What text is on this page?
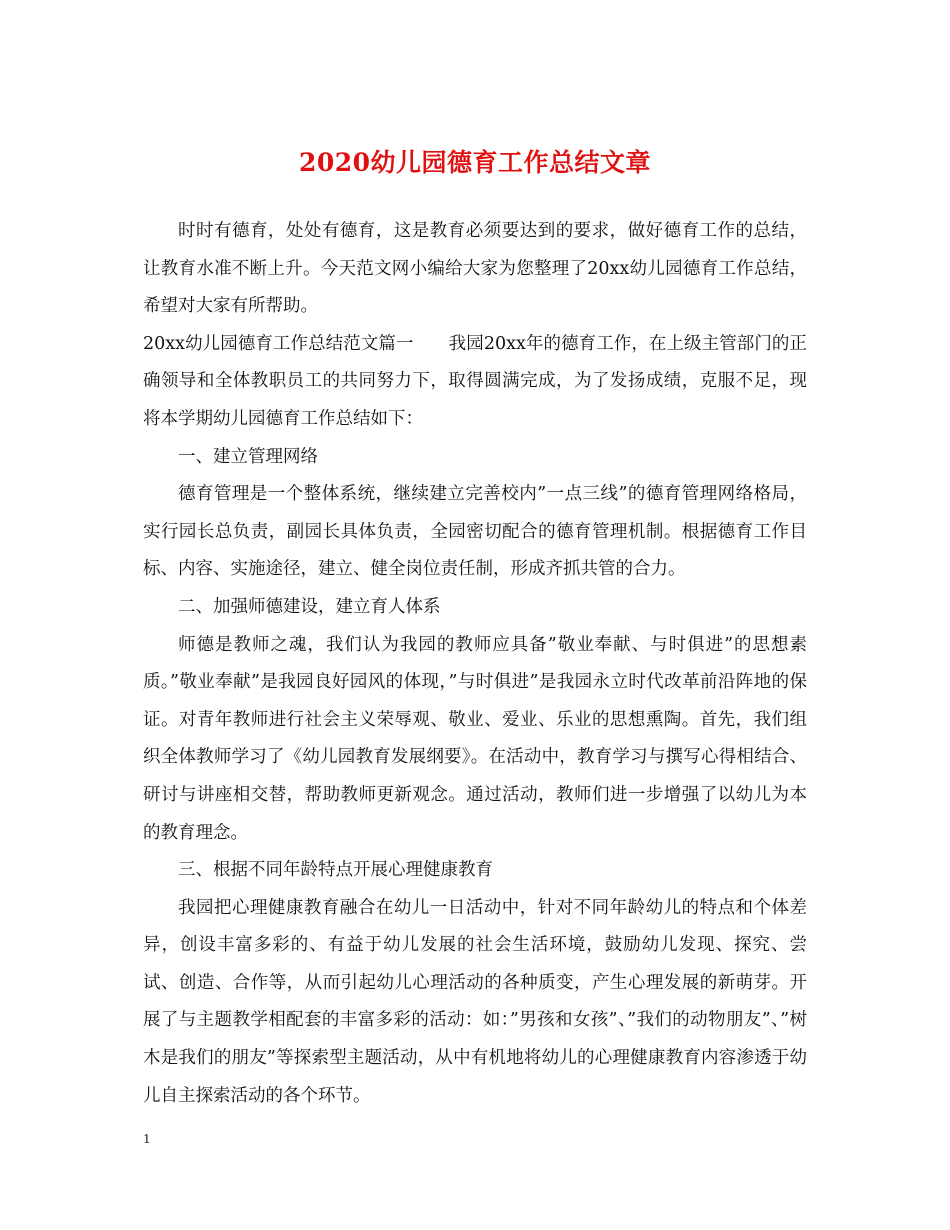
2020幼儿园德育工作总结文章

时时有德育，处处有德育，这是教育必须要达到的要求，做好德育工作的总结，让教育水准不断上升。今天范文网小编给大家为您整理了20xx幼儿园德育工作总结，希望对大家有所帮助。

20xx幼儿园德育工作总结范文篇一　　我园20xx年的德育工作，在上级主管部门的正确领导和全体教职员工的共同努力下，取得圆满完成，为了发扬成绩，克服不足，现将本学期幼儿园德育工作总结如下：

一、建立管理网络

德育管理是一个整体系统，继续建立完善校内”一点三线”的德育管理网络格局，实行园长总负责，副园长具体负责，全园密切配合的德育管理机制。根据德育工作目标、内容、实施途径，建立、健全岗位责任制，形成齐抓共管的合力。

二、加强师德建设，建立育人体系

师德是教师之魂，我们认为我园的教师应具备”敬业奉献、与时俱进”的思想素质。”敬业奉献”是我园良好园风的体现，”与时俱进”是我园永立时代改革前沿阵地的保证。对青年教师进行社会主义荣辱观、敬业、爱业、乐业的思想熏陶。首先，我们组织全体教师学习了《幼儿园教育发展纲要》。在活动中，教育学习与撰写心得相结合、研讨与讲座相交替，帮助教师更新观念。通过活动，教师们进一步增强了以幼儿为本的教育理念。

三、根据不同年龄特点开展心理健康教育

我园把心理健康教育融合在幼儿一日活动中，针对不同年龄幼儿的特点和个体差异，创设丰富多彩的、有益于幼儿发展的社会生活环境，鼓励幼儿发现、探究、尝试、创造、合作等，从而引起幼儿心理活动的各种质变，产生心理发展的新萌芽。开展了与主题教学相配套的丰富多彩的活动：如：”男孩和女孩”、”我们的动物朋友”、”树木是我们的朋友”等探索型主题活动，从中有机地将幼儿的心理健康教育内容渗透于幼儿自主探索活动的各个环节。

1
